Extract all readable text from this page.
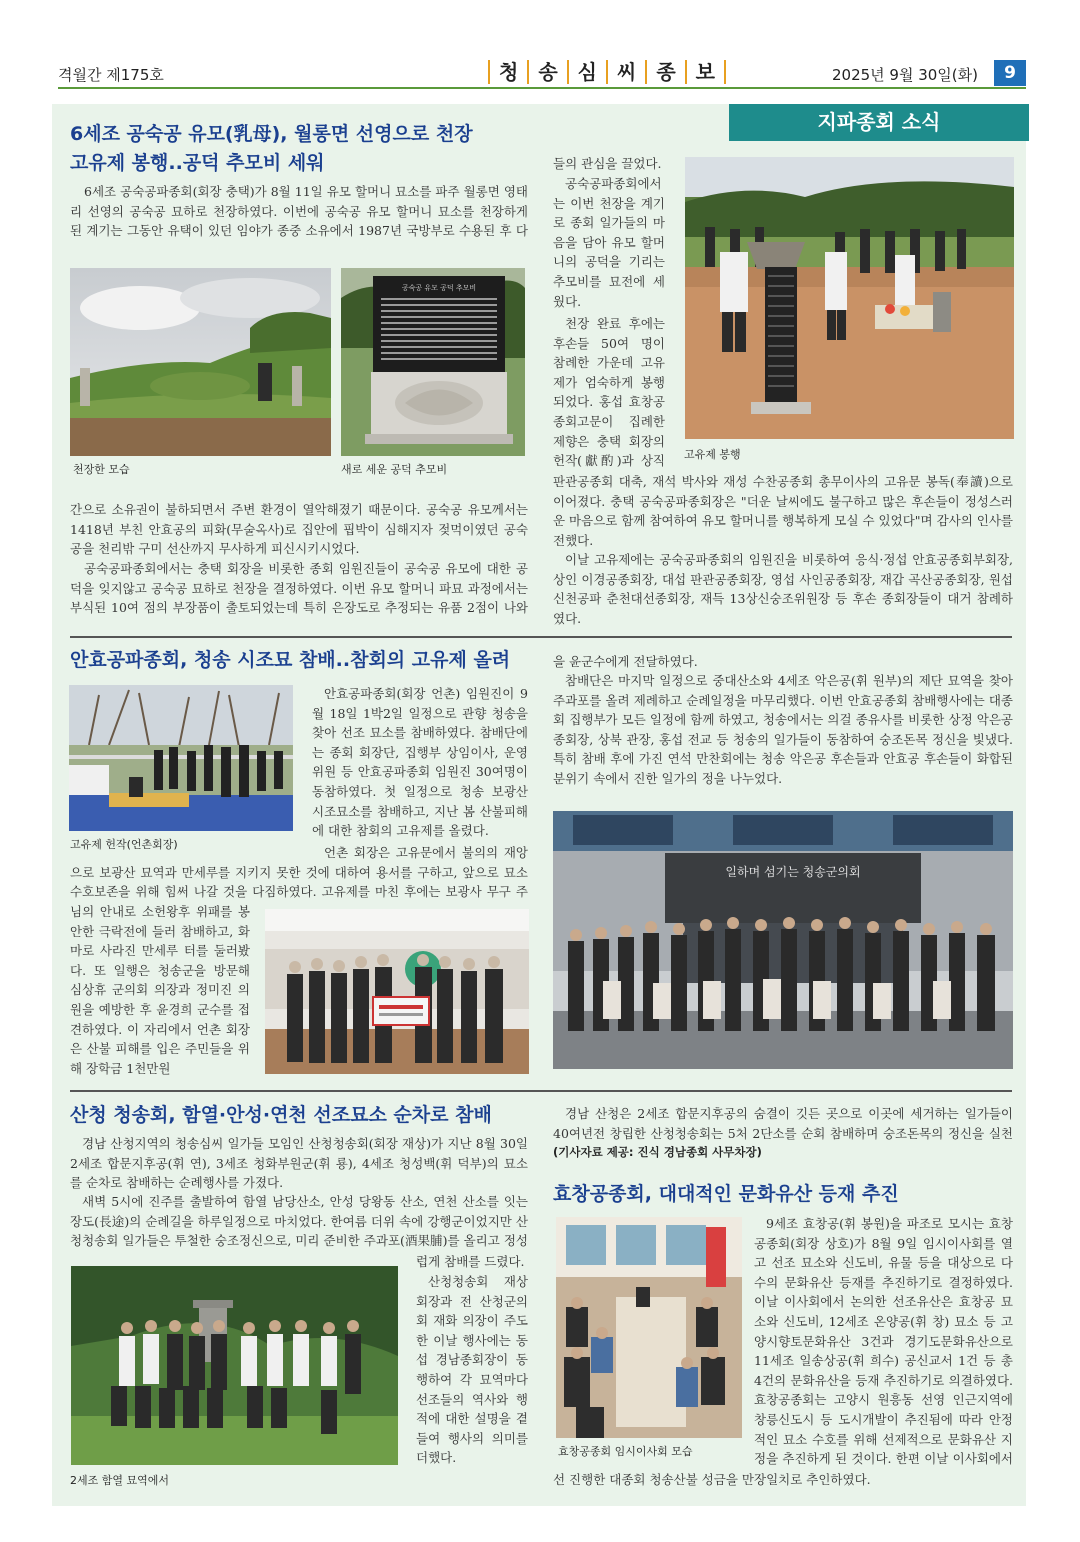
격월간 제175호	청	송	심	씨	종	보	2025년 9월 30일(화)	9
지파종회 소식
6세조 공숙공 유모(乳母), 월롱면 선영으로 천장
고유제 봉행..공덕 추모비 세워
6세조 공숙공파종회(회장 충택)가 8월 11일 유모 할머니 묘소를 파주 월롱면 영태리 선영의 공숙공 묘하로 천장하였다. 이번에 공숙공 유모 할머니 묘소를 천장하게 된 계기는 그동안 유택이 있던 임야가 종중 소유에서 1987년 국방부로 수용된 후 다
공숙공 유모 공덕 추모비
천장한 모습	새로 세운 공덕 추모비
간으로 소유권이 불하되면서 주변 환경이 열악해졌기 때문이다. 공숙공 유모께서는 1418년 부친 안효공의 피화(무술옥사)로 집안에 핍박이 심해지자 젖먹이였던 공숙공을 천리밖 구미 선산까지 무사하게 피신시키시었다.
공숙공파종회에서는 충택 회장을 비롯한 종회 임원진들이 공숙공 유모에 대한 공덕을 잊지않고 공숙공 묘하로 천장을 결정하였다. 이번 유모 할머니 파묘 과정에서는 부식된 10여 점의 부장품이 출토되었는데 특히 은장도로 추정되는 유품 2점이 나와
들의 관심을 끌었다.
공숙공파종회에서는 이번 천장을 계기로 종회 일가들의 마음을 담아 유모 할머니의 공덕을 기리는 추모비를 묘전에 세웠다.
천장 완료 후에는 후손들 50여 명이 참례한 가운데 고유제가 엄숙하게 봉행되었다. 홍섭 효창공종회고문이 집례한 제향은 충택 회장의 헌작(獻酌)과 상직 고유제 봉행
판관공종회 대축, 재석 박사와 재성 수찬공종회 총무이사의 고유문 봉독(奉讀)으로 이어졌다. 충택 공숙공파종회장은 "더운 날씨에도 불구하고 많은 후손들이 정성스러운 마음으로 함께 참여하여 유모 할머니를 행복하게 모실 수 있었다"며 감사의 인사를 전했다.
이날 고유제에는 공숙공파종회의 임원진을 비롯하여 응식·정섭 안효공종회부회장, 상인 이경공종회장, 대섭 판관공종회장, 영섭 사인공종회장, 재갑 곡산공종회장, 원섭 신천공파 춘천대선종회장, 재득 13상신숭조위원장 등 후손 종회장들이 대거 참례하였다.
안효공파종회, 청송 시조묘 참배..참회의 고유제 올려
고유제 헌작(언촌회장)
안효공파종회(회장 언촌) 임원진이 9월 18일 1박2일 일정으로 관향 청송을 찾아 선조 묘소를 참배하였다. 참배단에는 종회 회장단, 집행부 상임이사, 운영위원 등 안효공파종회 임원진 30여명이 동참하였다. 첫 일정으로 청송 보광산 시조묘소를 참배하고, 지난 봄 산불피해에 대한 참회의 고유제를 올렸다.
언촌 회장은 고유문에서 불의의 재앙으로 보광산 묘역과 만세루를 지키지 못한 것에 대하여 용서를 구하고, 앞으로 묘소 수호보존을 위해 힘써 나갈 것을 다짐하였다. 고유제를 마친 후에는 보광사 무구 주
님의 안내로 소헌왕후 위패를 봉안한 극락전에 들러 참배하고, 화마로 사라진 만세루 터를 둘러봤다. 또 일행은 청송군을 방문해 심상휴 군의회 의장과 정미진 의원을 예방한 후 윤경희 군수를 접견하였다. 이 자리에서 언촌 회장은 산불 피해를 입은 주민들을 위해 장학금 1천만원
을 윤군수에게 전달하였다.
참배단은 마지막 일정으로 중대산소와 4세조 악은공(휘 원부)의 제단 묘역을 찾아 주과포를 올려 제례하고 순례일정을 마무리했다. 이번 안효공종회 참배행사에는 대종회 집행부가 모든 일정에 함께 하였고, 청송에서는 의걸 종유사를 비롯한 상정 악은공종회장, 상북 관장, 홍섭 전교 등 청송의 일가들이 동참하여 숭조돈목 정신을 빛냈다. 특히 참배 후에 가진 연석 만찬회에는 청송 악은공 후손들과 안효공 후손들이 화합된 분위기 속에서 진한 일가의 정을 나누었다.
일하며 섬기는 청송군의회
산청 청송회, 함열·안성·연천 선조묘소 순차로 참배
경남 산청지역의 청송심씨 일가들 모임인 산청청송회(회장 재상)가 지난 8월 30일 2세조 합문지후공(휘 연), 3세조 청화부원군(휘 룡), 4세조 청성백(휘 덕부)의 묘소를 순차로 참배하는 순례행사를 가졌다.
새벽 5시에 진주를 출발하여 함열 남당산소, 안성 당왕동 산소, 연천 산소를 잇는 장도(長途)의 순례길을 하루일정으로 마치었다. 한여름 더위 속에 강행군이었지만 산청청송회 일가들은 투철한 숭조정신으로, 미리 준비한 주과포(酒果脯)를 올리고 정성
럽게 참배를 드렸다.
산청청송회 재상 회장과 전 산청군의회 재화 의장이 주도한 이날 행사에는 동섭 경남종회장이 동행하여 각 묘역마다 선조들의 역사와 행적에 대한 설명을 곁들여 행사의 의미를 더했다.
2세조 함열 묘역에서
경남 산청은 2세조 합문지후공의 숨결이 깃든 곳으로 이곳에 세거하는 일가들이 40여년전 창립한 산청청송회는 5처 2단소를 순회 참배하며 숭조돈목의 정신을 실천
(기사자료 제공: 진식 경남종회 사무차장)
효창공종회, 대대적인 문화유산 등재 추진
효창공종회 임시이사회 모습
9세조 효창공(휘 봉원)을 파조로 모시는 효창공종회(회장 상호)가 8월 9일 임시이사회를 열고 선조 묘소와 신도비, 유물 등을 대상으로 다수의 문화유산 등재를 추진하기로 결정하였다. 이날 이사회에서 논의한 선조유산은 효창공 묘소와 신도비, 12세조 온양공(휘 창) 묘소 등 고양시향토문화유산 3건과 경기도문화유산으로 11세조 일송상공(휘 희수) 공신교서 1건 등 총 4건의 문화유산을 등재 추진하기로 의결하였다. 효창공종회는 고양시 원흥동 선영 인근지역에 창릉신도시 등 도시개발이 추진됨에 따라 안정적인 묘소 수호를 위해 선제적으로 문화유산 지정을 추진하게 된 것이다. 한편 이날 이사회에서
선 진행한 대종회 청송산불 성금을 만장일치로 추인하였다.
